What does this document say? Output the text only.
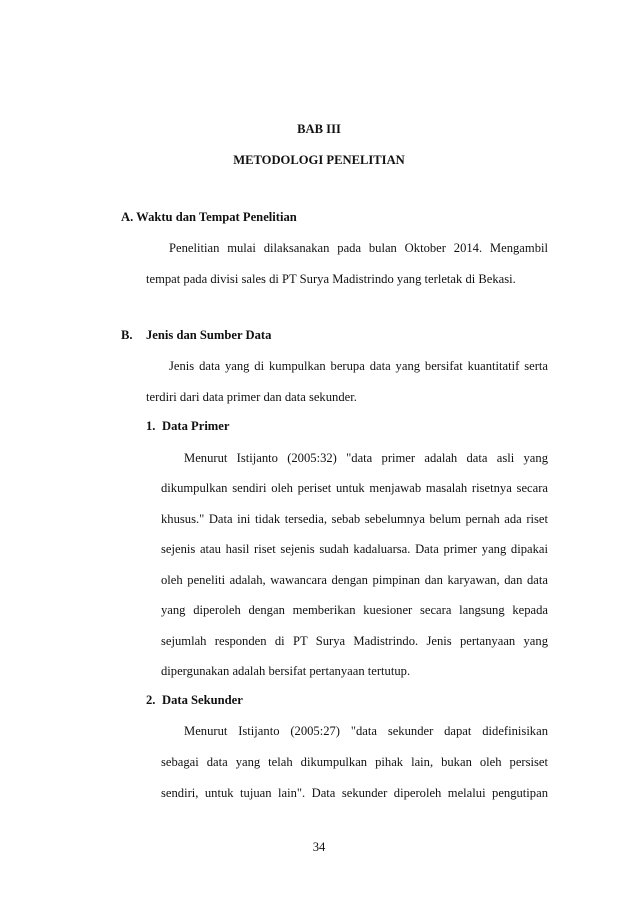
BAB III

METODOLOGI PENELITIAN

A. Waktu dan Tempat Penelitian

Penelitian mulai dilaksanakan pada bulan Oktober 2014. Mengambil

tempat pada divisi sales di PT Surya Madistrindo yang terletak di Bekasi.

B. Jenis dan Sumber Data

Jenis data yang di kumpulkan berupa data yang bersifat kuantitatif serta

terdiri dari data primer dan data sekunder.

1. Data Primer

Menurut Istijanto (2005:32) "data primer adalah data asli yang

dikumpulkan sendiri oleh periset untuk menjawab masalah risetnya secara

khusus." Data ini tidak tersedia, sebab sebelumnya belum pernah ada riset

sejenis atau hasil riset sejenis sudah kadaluarsa. Data primer yang dipakai

oleh peneliti adalah, wawancara dengan pimpinan dan karyawan, dan data

yang diperoleh dengan memberikan kuesioner secara langsung kepada

sejumlah responden di PT Surya Madistrindo. Jenis pertanyaan yang

dipergunakan adalah bersifat pertanyaan tertutup.

2. Data Sekunder

Menurut Istijanto (2005:27) "data sekunder dapat didefinisikan

sebagai data yang telah dikumpulkan pihak lain, bukan oleh persiset

sendiri, untuk tujuan lain". Data sekunder diperoleh melalui pengutipan

34
